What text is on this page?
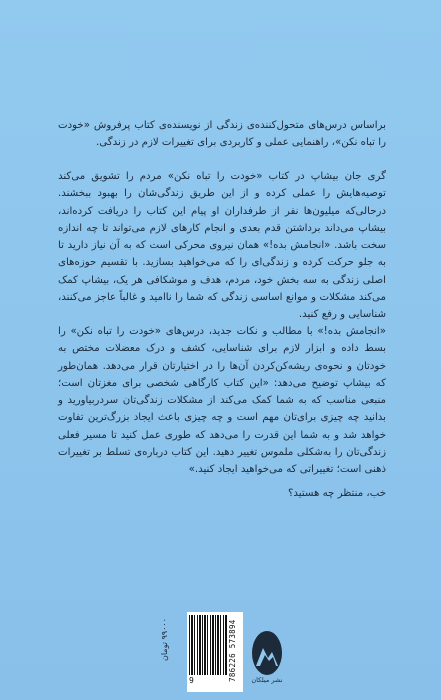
براساس درس‌های متحول‌کننده‌ی زندگی از نویسنده‌ی کتاب پرفروش «خودت را تباه نکن»، راهنمایی عملی و کاربردی برای تغییرات لازم در زندگی.

گری جان بیشاپ در کتاب «خودت را تباه نکن» مردم را تشویق می‌کند توصیه‌هایش را عملی کرده و از این طریق زندگی‌شان را بهبود ببخشند. درحالی‌که میلیون‌ها نفر از طرفداران او پیام این کتاب را دریافت کرده‌اند، بیشاپ می‌داند برداشتن قدم بعدی و انجام کارهای لازم می‌تواند تا چه اندازه سخت باشد. «انجامش بده!» همان نیروی محرکی است که به آن نیاز دارید تا به جلو حرکت کرده و زندگی‌ای را که می‌خواهید بسازید. با تقسیم حوزه‌های اصلی زندگی به سه بخش خود، مردم، هدف و موشکافی هر یک، بیشاپ کمک می‌کند مشکلات و موانع اساسی زندگی که شما را ناامید و غالباً عاجز می‌کنند، شناسایی و رفع کنید.

«انجامش بده!» با مطالب و نکات جدید، درس‌های «خودت را تباه نکن» را بسط داده و ابزار لازم برای شناسایی، کشف و درک معضلات مختص به خودتان و نحوه‌ی ریشه‌کن‌کردن آن‌ها را در اختیارتان قرار می‌دهد. همان‌طور که بیشاپ توضیح می‌دهد: «این کتاب کارگاهی شخصی برای مغزتان است؛ منبعی مناسب که به شما کمک می‌کند از مشکلات زندگی‌تان سردربیاورید و بدانید چه چیزی برای‌تان مهم است و چه چیزی باعث ایجاد بزرگ‌ترین تفاوت خواهد شد و به شما این قدرت را می‌دهد که طوری عمل کنید تا مسیر فعلی زندگی‌تان را به‌شکلی ملموس تغییر دهید. این کتاب درباره‌ی تسلط بر تغییرات ذهنی است؛ تغییراتی که می‌خواهید ایجاد کنید.»

خب، منتظر چه هستید؟

۹۹۰۰۰ تومان	786226 573894
9	نشر میلکان
